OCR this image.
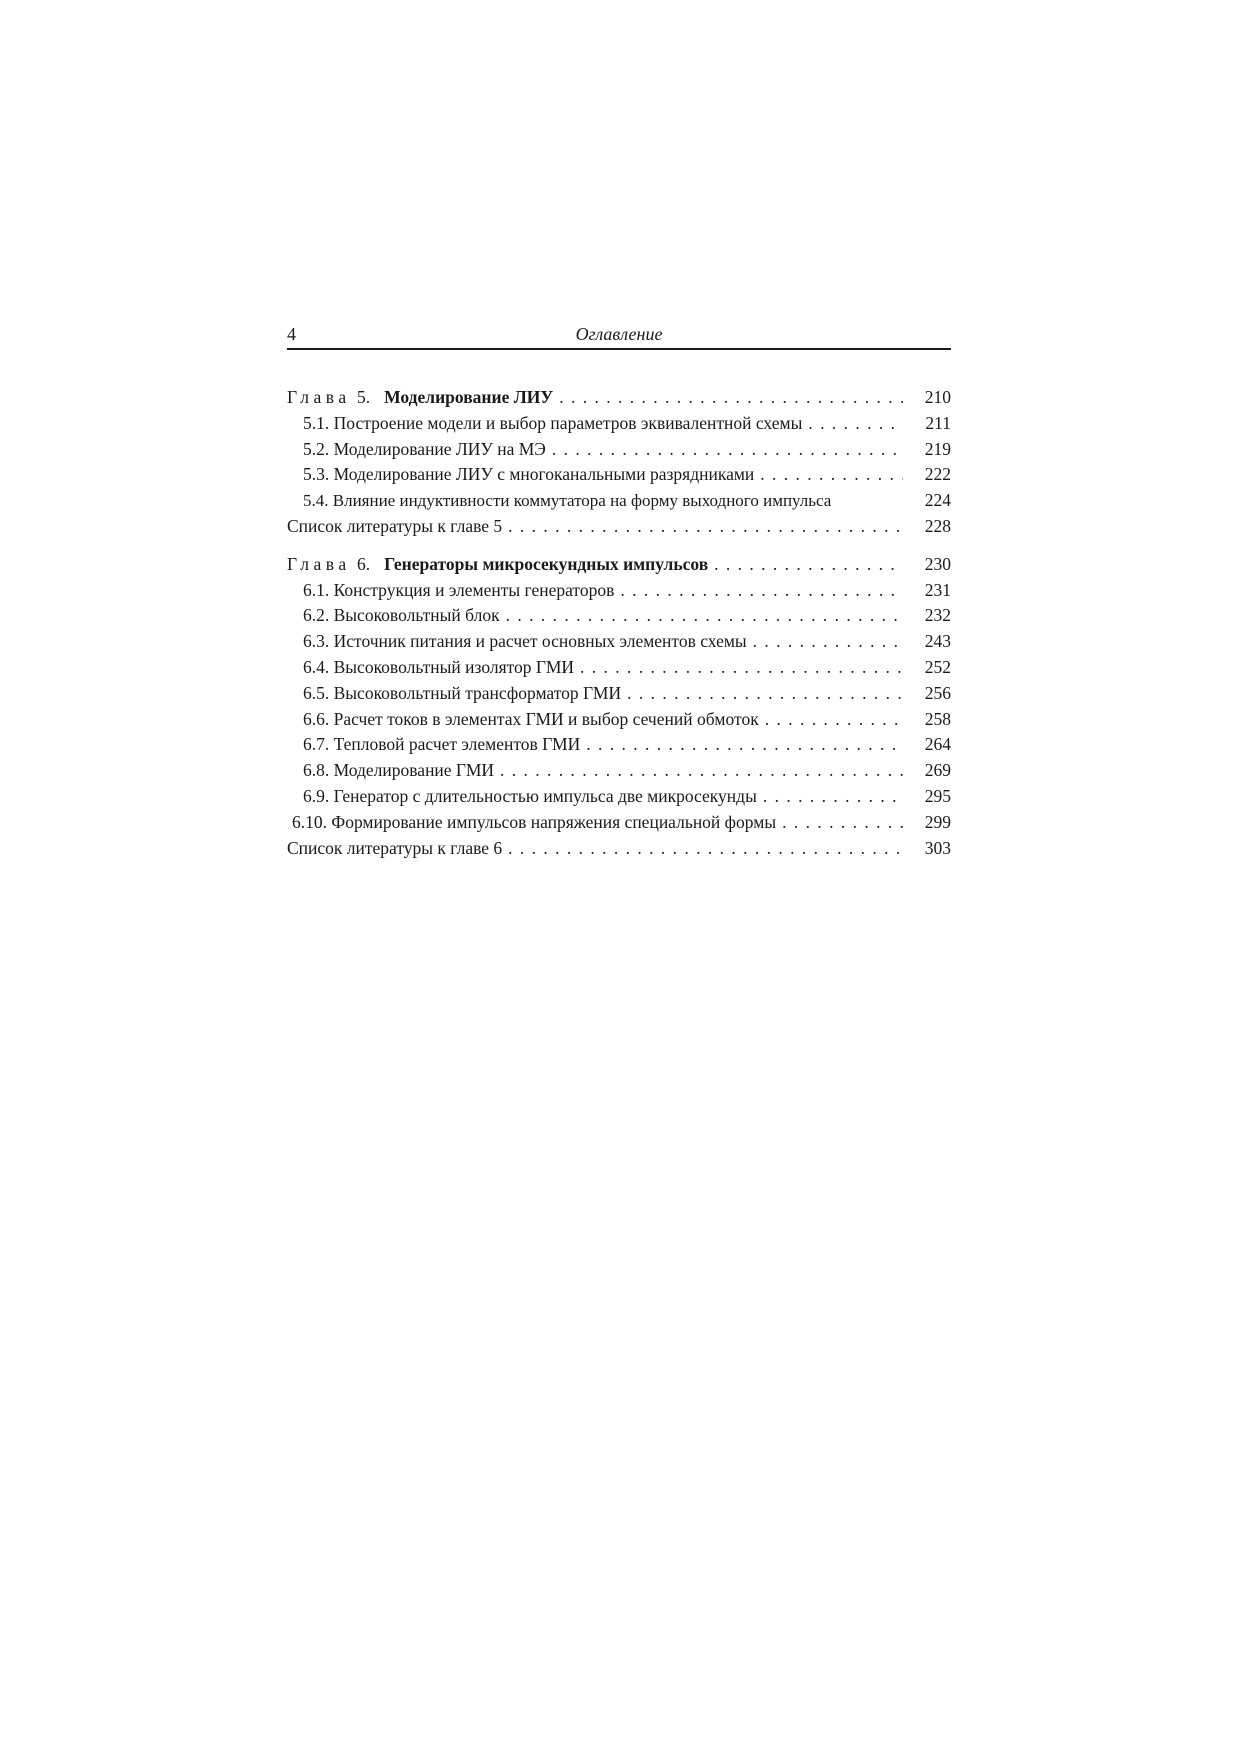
4	Оглавление
Глава 5. Моделирование ЛИУ . . .	210
5.1. Построение модели и выбор параметров эквивалентной схемы . . .	211
5.2. Моделирование ЛИУ на МЭ . . .	219
5.3. Моделирование ЛИУ с многоканальными разрядниками . . .	222
5.4. Влияние индуктивности коммутатора на форму выходного импульса	224
Список литературы к главе 5 . . .	228
Глава 6. Генераторы микросекундных импульсов . . .	230
6.1. Конструкция и элементы генераторов . . .	231
6.2. Высоковольтный блок . . .	232
6.3. Источник питания и расчет основных элементов схемы . . .	243
6.4. Высоковольтный изолятор ГМИ . . .	252
6.5. Высоковольтный трансформатор ГМИ . . .	256
6.6. Расчет токов в элементах ГМИ и выбор сечений обмоток . . .	258
6.7. Тепловой расчет элементов ГМИ . . .	264
6.8. Моделирование ГМИ . . .	269
6.9. Генератор с длительностью импульса две микросекунды . . .	295
6.10. Формирование импульсов напряжения специальной формы . . .	299
Список литературы к главе 6 . . .	303
